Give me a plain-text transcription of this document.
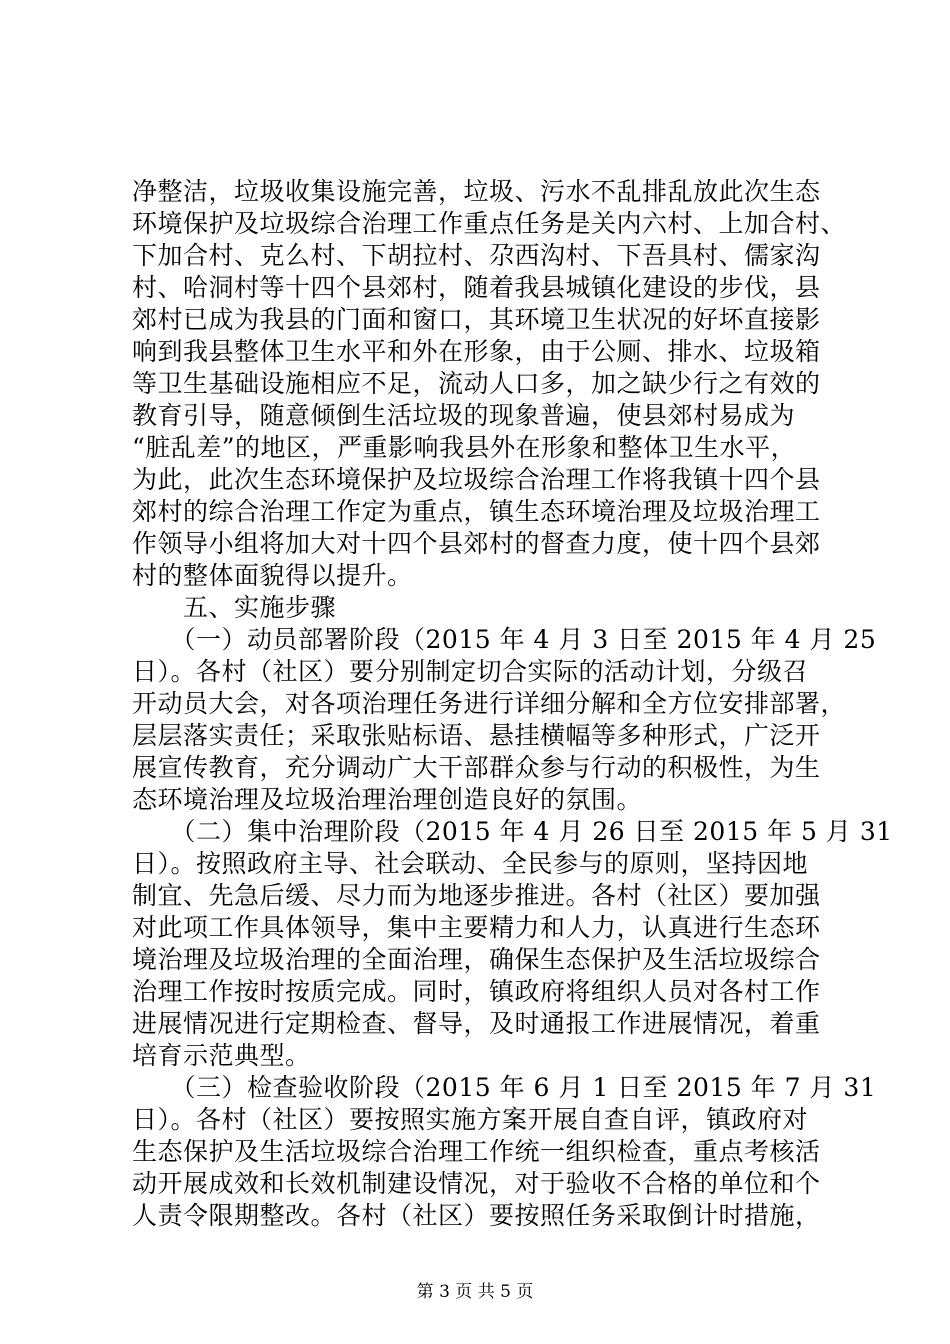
净整洁，垃圾收集设施完善，垃圾、污水不乱排乱放此次生态
环境保护及垃圾综合治理工作重点任务是关内六村、上加合村、
下加合村、克么村、下胡拉村、尕西沟村、下吾具村、儒家沟
村、哈洞村等十四个县郊村，随着我县城镇化建设的步伐，县
郊村已成为我县的门面和窗口，其环境卫生状况的好坏直接影
响到我县整体卫生水平和外在形象，由于公厕、排水、垃圾箱
等卫生基础设施相应不足，流动人口多，加之缺少行之有效的
教育引导，随意倾倒生活垃圾的现象普遍，使县郊村易成为
“脏乱差”的地区，严重影响我县外在形象和整体卫生水平，
为此，此次生态环境保护及垃圾综合治理工作将我镇十四个县
郊村的综合治理工作定为重点，镇生态环境治理及垃圾治理工
作领导小组将加大对十四个县郊村的督查力度，使十四个县郊
村的整体面貌得以提升。
　　五、实施步骤
　　（一）动员部署阶段（2015 年 4 月 3 日至 2015 年 4 月 25
日）。各村（社区）要分别制定切合实际的活动计划，分级召
开动员大会，对各项治理任务进行详细分解和全方位安排部署，
层层落实责任；采取张贴标语、悬挂横幅等多种形式，广泛开
展宣传教育，充分调动广大干部群众参与行动的积极性，为生
态环境治理及垃圾治理治理创造良好的氛围。
　　（二）集中治理阶段（2015 年 4 月 26 日至 2015 年 5 月 31
日）。按照政府主导、社会联动、全民参与的原则，坚持因地
制宜、先急后缓、尽力而为地逐步推进。各村（社区）要加强
对此项工作具体领导，集中主要精力和人力，认真进行生态环
境治理及垃圾治理的全面治理，确保生态保护及生活垃圾综合
治理工作按时按质完成。同时，镇政府将组织人员对各村工作
进展情况进行定期检查、督导，及时通报工作进展情况，着重
培育示范典型。
　　（三）检查验收阶段（2015 年 6 月 1 日至 2015 年 7 月 31
日）。各村（社区）要按照实施方案开展自查自评，镇政府对
生态保护及生活垃圾综合治理工作统一组织检查，重点考核活
动开展成效和长效机制建设情况，对于验收不合格的单位和个
人责令限期整改。各村（社区）要按照任务采取倒计时措施，
第 3 页 共 5 页
